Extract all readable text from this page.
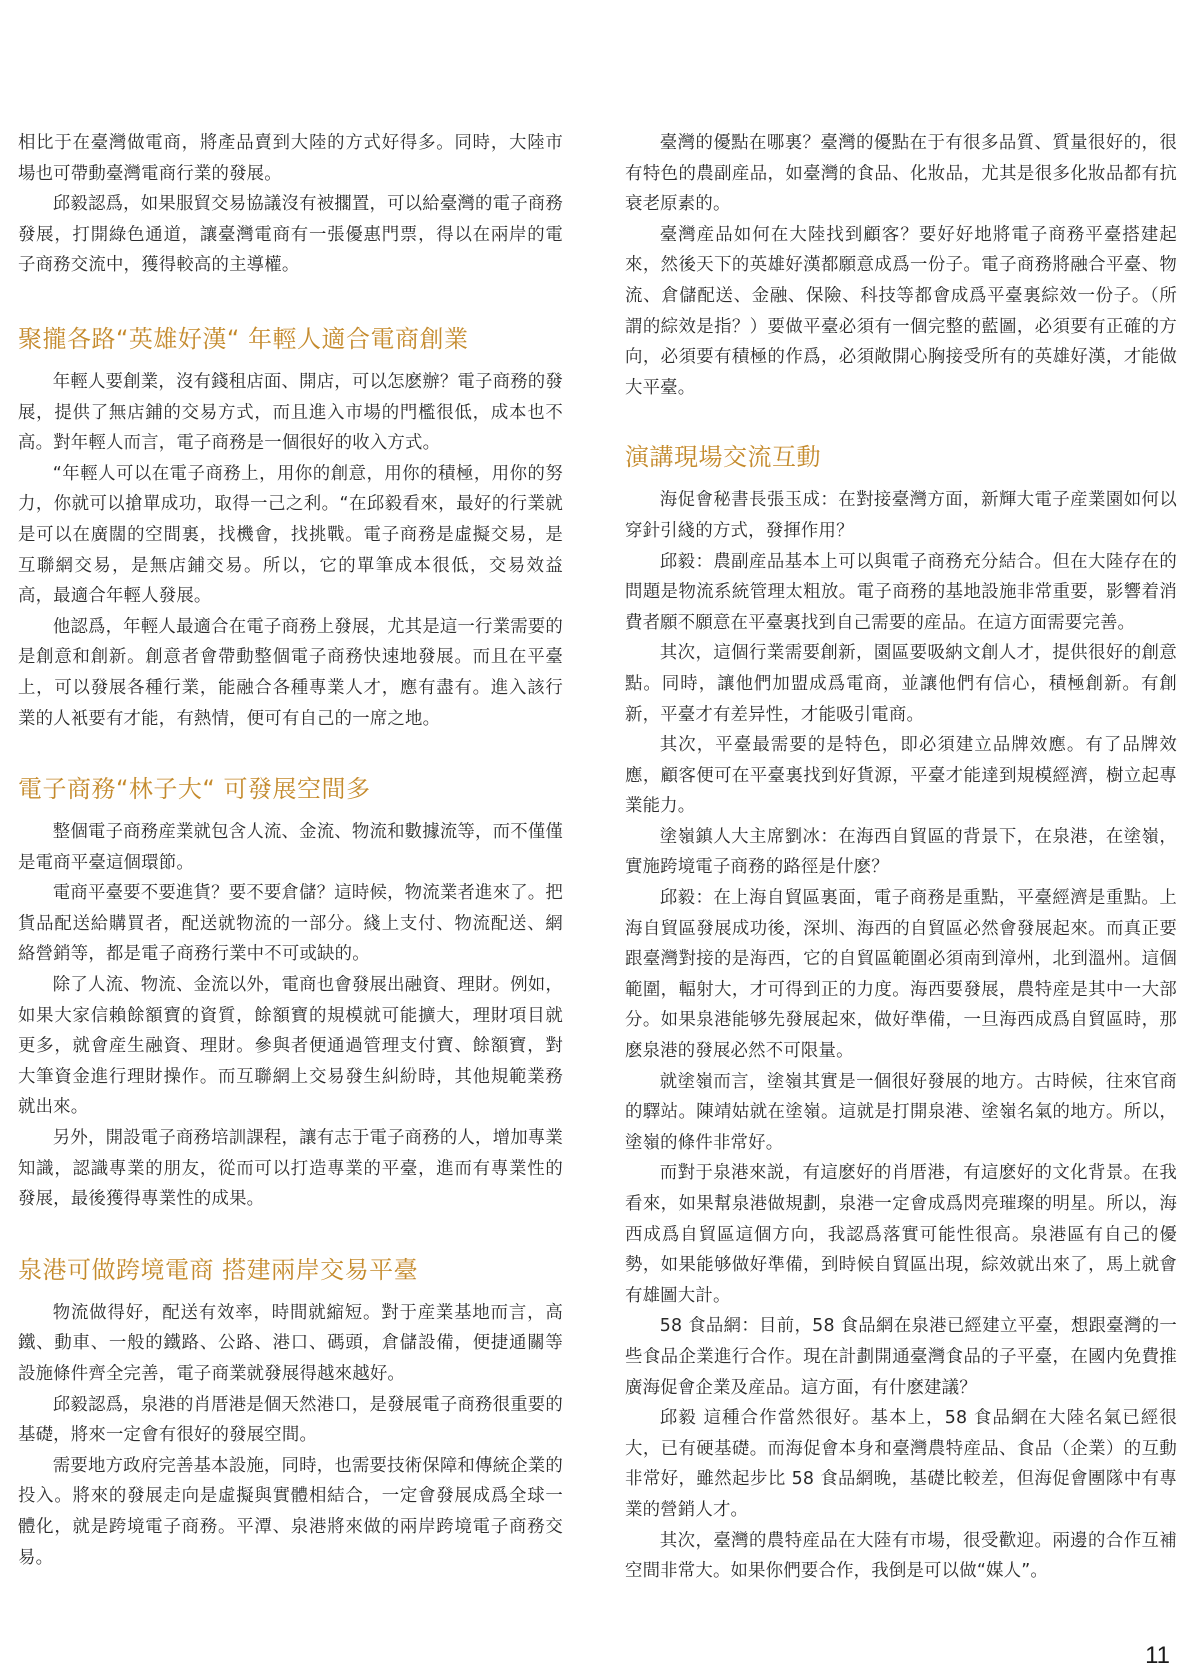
相比于在臺灣做電商，將產品賣到大陸的方式好得多。同時，大陸市場也可帶動臺灣電商行業的發展。

邱毅認爲，如果服貿交易協議沒有被擱置，可以給臺灣的電子商務發展，打開綠色通道，讓臺灣電商有一張優惠門票，得以在兩岸的電子商務交流中，獲得較高的主導權。

聚攏各路“英雄好漢“ 年輕人適合電商創業

年輕人要創業，沒有錢租店面、開店，可以怎麽辦？電子商務的發展，提供了無店鋪的交易方式，而且進入市場的門檻很低，成本也不高。對年輕人而言，電子商務是一個很好的收入方式。

“年輕人可以在電子商務上，用你的創意，用你的積極，用你的努力，你就可以搶單成功，取得一己之利。“在邱毅看來，最好的行業就是可以在廣闊的空間裏，找機會，找挑戰。電子商務是虛擬交易，是互聯網交易，是無店鋪交易。所以，它的單筆成本很低，交易效益高，最適合年輕人發展。

他認爲，年輕人最適合在電子商務上發展，尤其是這一行業需要的是創意和創新。創意者會帶動整個電子商務快速地發展。而且在平臺上，可以發展各種行業，能融合各種專業人才，應有盡有。進入該行業的人衹要有才能，有熱情，便可有自己的一席之地。

電子商務“林子大“ 可發展空間多

整個電子商務産業就包含人流、金流、物流和數據流等，而不僅僅是電商平臺這個環節。

電商平臺要不要進貨？要不要倉儲？這時候，物流業者進來了。把貨品配送給購買者，配送就物流的一部分。綫上支付、物流配送、網絡營銷等，都是電子商務行業中不可或缺的。

除了人流、物流、金流以外，電商也會發展出融資、理財。例如，如果大家信賴餘額寶的資質，餘額寶的規模就可能擴大，理財項目就更多，就會産生融資、理財。參與者便通過管理支付寶、餘額寶，對大筆資金進行理財操作。而互聯網上交易發生糾紛時，其他規範業務就出來。

另外，開設電子商務培訓課程，讓有志于電子商務的人，增加專業知識，認識專業的朋友，從而可以打造專業的平臺，進而有專業性的發展，最後獲得專業性的成果。

泉港可做跨境電商 搭建兩岸交易平臺

物流做得好，配送有效率，時間就縮短。對于産業基地而言，高鐵、動車、一般的鐵路、公路、港口、碼頭，倉儲設備，便捷通關等設施條件齊全完善，電子商業就發展得越來越好。

邱毅認爲，泉港的肖厝港是個天然港口，是發展電子商務很重要的基礎，將來一定會有很好的發展空間。

需要地方政府完善基本設施，同時，也需要技術保障和傳統企業的投入。將來的發展走向是虛擬與實體相結合，一定會發展成爲全球一體化，就是跨境電子商務。平潭、泉港將來做的兩岸跨境電子商務交易。

臺灣的優點在哪裏？臺灣的優點在于有很多品質、質量很好的，很有特色的農副産品，如臺灣的食品、化妝品，尤其是很多化妝品都有抗衰老原素的。

臺灣産品如何在大陸找到顧客？要好好地將電子商務平臺搭建起來，然後天下的英雄好漢都願意成爲一份子。電子商務將融合平臺、物流、倉儲配送、金融、保險、科技等都會成爲平臺裏綜效一份子。（所謂的綜效是指？）要做平臺必須有一個完整的藍圖，必須要有正確的方向，必須要有積極的作爲，必須敞開心胸接受所有的英雄好漢，才能做大平臺。

演講現場交流互動

海促會秘書長張玉成：在對接臺灣方面，新輝大電子産業園如何以穿針引綫的方式，發揮作用？

邱毅：農副産品基本上可以與電子商務充分結合。但在大陸存在的問題是物流系統管理太粗放。電子商務的基地設施非常重要，影響着消費者願不願意在平臺裏找到自己需要的産品。在這方面需要完善。

其次，這個行業需要創新，園區要吸納文創人才，提供很好的創意點。同時，讓他們加盟成爲電商，並讓他們有信心，積極創新。有創新，平臺才有差异性，才能吸引電商。

其次，平臺最需要的是特色，即必須建立品牌效應。有了品牌效應，顧客便可在平臺裏找到好貨源，平臺才能達到規模經濟，樹立起專業能力。

塗嶺鎮人大主席劉冰：在海西自貿區的背景下，在泉港，在塗嶺，實施跨境電子商務的路徑是什麽？

邱毅：在上海自貿區裏面，電子商務是重點，平臺經濟是重點。上海自貿區發展成功後，深圳、海西的自貿區必然會發展起來。而真正要跟臺灣對接的是海西，它的自貿區範圍必須南到漳州，北到溫州。這個範圍，輻射大，才可得到正的力度。海西要發展，農特産是其中一大部分。如果泉港能够先發展起來，做好準備，一旦海西成爲自貿區時，那麽泉港的發展必然不可限量。

就塗嶺而言，塗嶺其實是一個很好發展的地方。古時候，往來官商的驛站。陳靖姑就在塗嶺。這就是打開泉港、塗嶺名氣的地方。所以，塗嶺的條件非常好。

而對于泉港來説，有這麽好的肖厝港，有這麽好的文化背景。在我看來，如果幫泉港做規劃，泉港一定會成爲閃亮璀璨的明星。所以，海西成爲自貿區這個方向，我認爲落實可能性很高。泉港區有自己的優勢，如果能够做好準備，到時候自貿區出現，綜效就出來了，馬上就會有雄圖大計。

58 食品網：目前，58 食品網在泉港已經建立平臺，想跟臺灣的一些食品企業進行合作。現在計劃開通臺灣食品的子平臺，在國内免費推廣海促會企業及産品。這方面，有什麽建議？

邱毅 這種合作當然很好。基本上，58 食品網在大陸名氣已經很大，已有硬基礎。而海促會本身和臺灣農特産品、食品（企業）的互動非常好，雖然起步比 58 食品網晚，基礎比較差，但海促會團隊中有專業的營銷人才。

其次，臺灣的農特産品在大陸有市場，很受歡迎。兩邊的合作互補空間非常大。如果你們要合作，我倒是可以做“媒人”。

11
